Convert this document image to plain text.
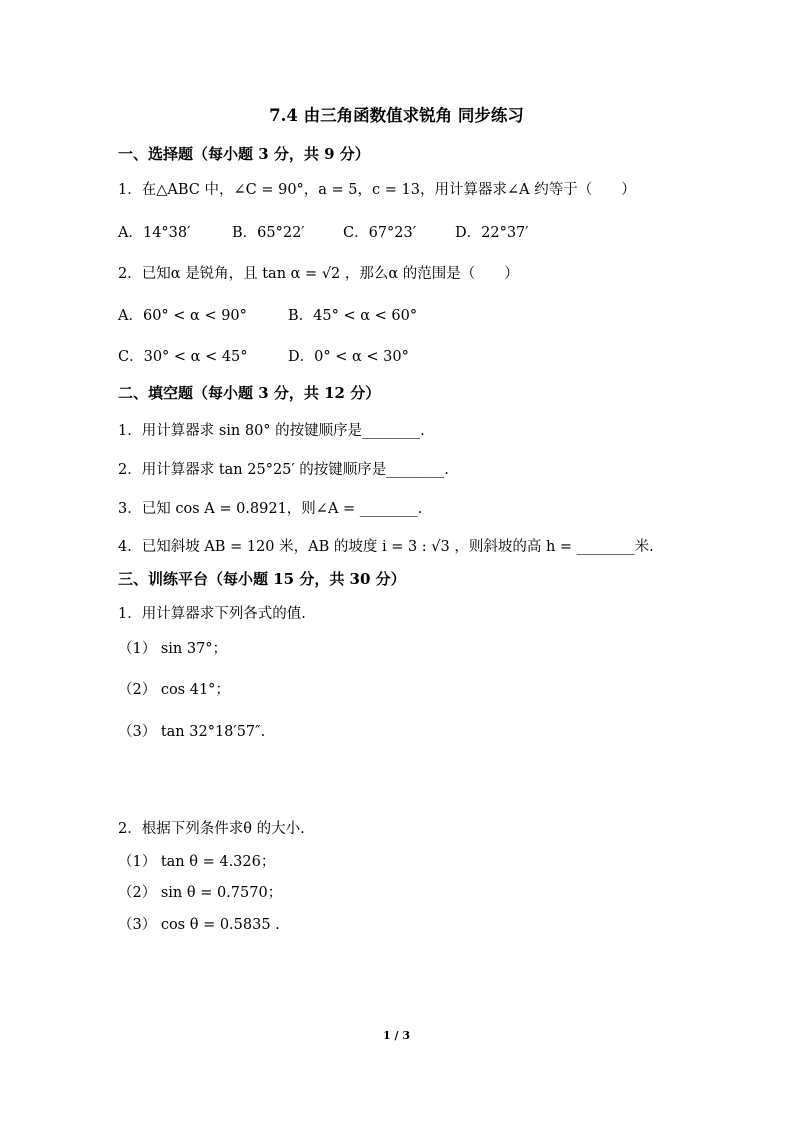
7.4 由三角函数值求锐角 同步练习
一、选择题（每小题 3 分，共 9 分）
1．在△ABC 中，∠C = 90°，a = 5，c = 13，用计算器求∠A 约等于（　　）
A．14°38′	B．65°22′	C．67°23′	D．22°37′
2．已知α 是锐角，且 tan α = √2 ，那么α 的范围是（　　）
A．60° < α < 90°	B．45° < α < 60°
C．30° < α < 45°	D．0° < α < 30°
二、填空题（每小题 3 分，共 12 分）
1．用计算器求 sin 80° 的按键顺序是________.
2．用计算器求 tan 25°25′ 的按键顺序是________.
3．已知 cos A = 0.8921，则∠A = ________.
4．已知斜坡 AB = 120 米，AB 的坡度 i = 3 : √3 ，则斜坡的高 h = ________米.
三、训练平台（每小题 15 分，共 30 分）
1．用计算器求下列各式的值.
（1） sin 37°；
（2） cos 41°；
（3） tan 32°18′57″.
2．根据下列条件求θ 的大小.
（1） tan θ = 4.326；
（2） sin θ = 0.7570；
（3） cos θ = 0.5835 .
1 / 3
